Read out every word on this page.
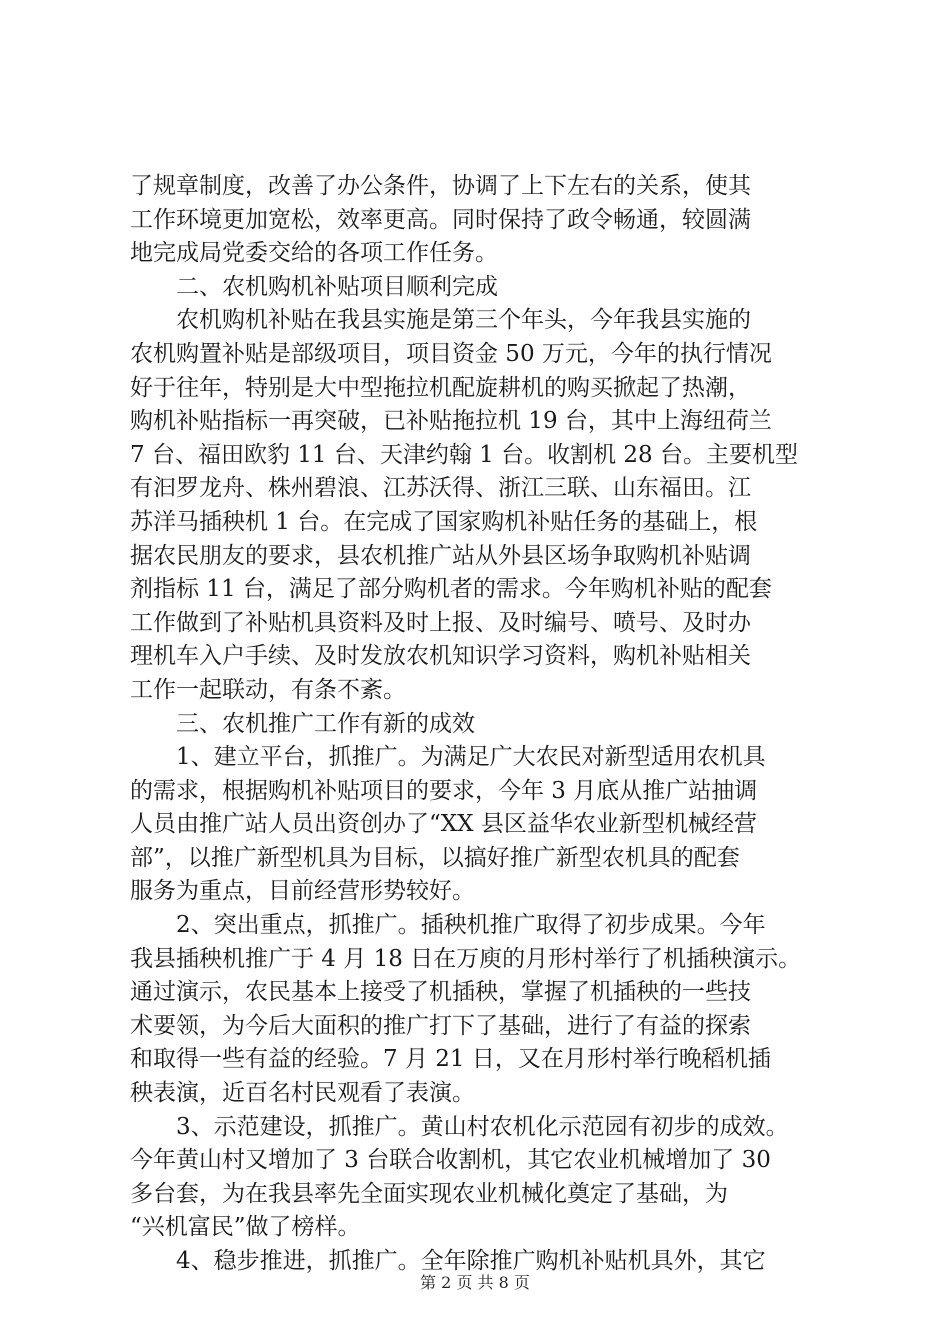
了规章制度，改善了办公条件，协调了上下左右的关系，使其
工作环境更加宽松，效率更高。同时保持了政令畅通，较圆满
地完成局党委交给的各项工作任务。
　　二、农机购机补贴项目顺利完成
　　农机购机补贴在我县实施是第三个年头，今年我县实施的
农机购置补贴是部级项目，项目资金 50 万元，今年的执行情况
好于往年，特别是大中型拖拉机配旋耕机的购买掀起了热潮，
购机补贴指标一再突破，已补贴拖拉机 19 台，其中上海纽荷兰
7 台、福田欧豹 11 台、天津约翰 1 台。收割机 28 台。主要机型
有汩罗龙舟、株州碧浪、江苏沃得、浙江三联、山东福田。江
苏洋马插秧机 1 台。在完成了国家购机补贴任务的基础上，根
据农民朋友的要求，县农机推广站从外县区场争取购机补贴调
剂指标 11 台，满足了部分购机者的需求。今年购机补贴的配套
工作做到了补贴机具资料及时上报、及时编号、喷号、及时办
理机车入户手续、及时发放农机知识学习资料，购机补贴相关
工作一起联动，有条不紊。
　　三、农机推广工作有新的成效
　　1、建立平台，抓推广。为满足广大农民对新型适用农机具
的需求，根据购机补贴项目的要求，今年 3 月底从推广站抽调
人员由推广站人员出资创办了“XX 县区益华农业新型机械经营
部”，以推广新型机具为目标，以搞好推广新型农机具的配套
服务为重点，目前经营形势较好。
　　2、突出重点，抓推广。插秧机推广取得了初步成果。今年
我县插秧机推广于 4 月 18 日在万庾的月形村举行了机插秧演示。
通过演示，农民基本上接受了机插秧，掌握了机插秧的一些技
术要领，为今后大面积的推广打下了基础，进行了有益的探索
和取得一些有益的经验。7 月 21 日，又在月形村举行晚稻机插
秧表演，近百名村民观看了表演。
　　3、示范建设，抓推广。黄山村农机化示范园有初步的成效。
今年黄山村又增加了 3 台联合收割机，其它农业机械增加了 30
多台套，为在我县率先全面实现农业机械化奠定了基础，为
“兴机富民”做了榜样。
　　4、稳步推进，抓推广。全年除推广购机补贴机具外，其它
第 2 页 共 8 页
